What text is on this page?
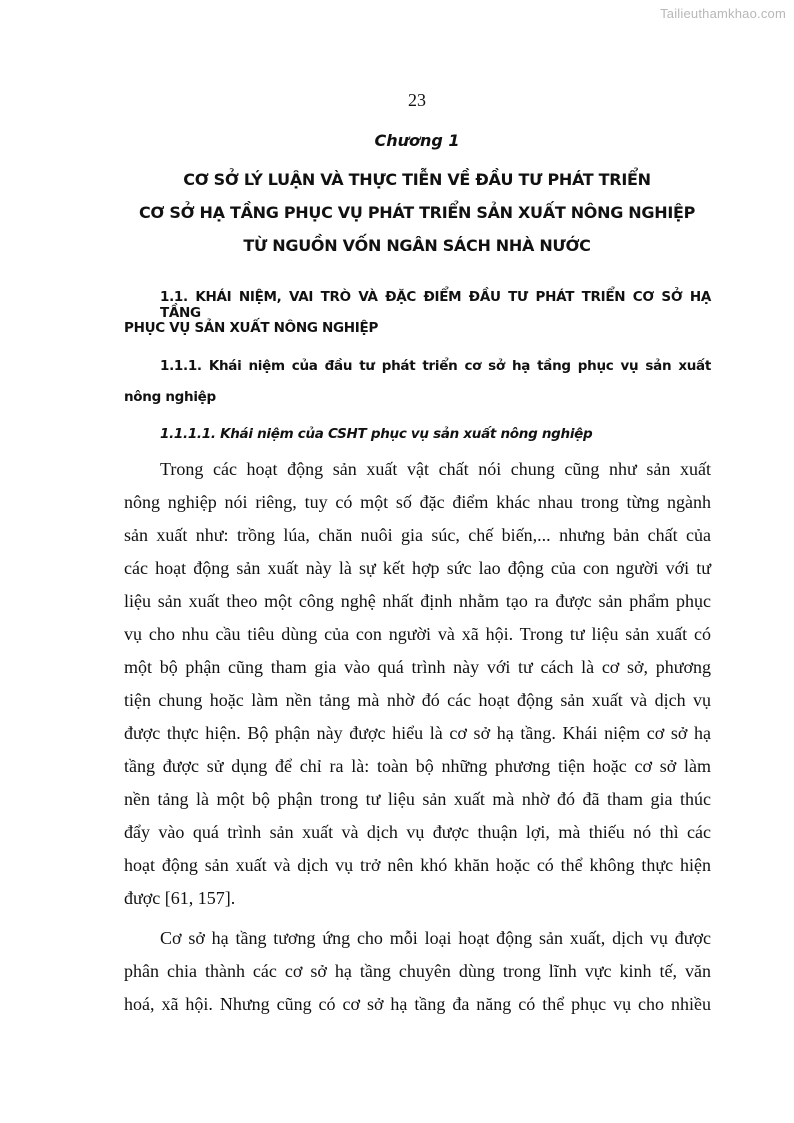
Tailieuthamkhao.com
23
Chương 1
CƠ SỞ LÝ LUẬN VÀ THỰC TIỄN VỀ ĐẦU TƯ PHÁT TRIỂN
CƠ SỞ HẠ TẦNG PHỤC VỤ PHÁT TRIỂN SẢN XUẤT NÔNG NGHIỆP
TỪ NGUỒN VỐN NGÂN SÁCH NHÀ NƯỚC
1.1. KHÁI NIỆM, VAI TRÒ VÀ ĐẶC ĐIỂM ĐẦU TƯ PHÁT TRIỂN CƠ SỞ HẠ TẦNG
PHỤC VỤ SẢN XUẤT NÔNG NGHIỆP
1.1.1. Khái niệm của đầu tư phát triển cơ sở hạ tầng phục vụ sản xuất
nông nghiệp
1.1.1.1. Khái niệm của CSHT phục vụ sản xuất nông nghiệp
Trong các hoạt động sản xuất vật chất nói chung cũng như sản xuất
nông nghiệp nói riêng, tuy có một số đặc điểm khác nhau trong từng ngành
sản xuất như: trồng lúa, chăn nuôi gia súc, chế biến,... nhưng bản chất của
các hoạt động sản xuất này là sự kết hợp sức lao động của con người với tư
liệu sản xuất theo một công nghệ nhất định nhằm tạo ra được sản phẩm phục
vụ cho nhu cầu tiêu dùng của con người và xã hội. Trong tư liệu sản xuất có
một bộ phận cũng tham gia vào quá trình này với tư cách là cơ sở, phương
tiện chung hoặc làm nền tảng mà nhờ đó các hoạt động sản xuất và dịch vụ
được thực hiện. Bộ phận này được hiểu là cơ sở hạ tầng. Khái niệm cơ sở hạ
tầng được sử dụng để chỉ ra là: toàn bộ những phương tiện hoặc cơ sở làm
nền tảng là một bộ phận trong tư liệu sản xuất mà nhờ đó đã tham gia thúc
đẩy vào quá trình sản xuất và dịch vụ được thuận lợi, mà thiếu nó thì các
hoạt động sản xuất và dịch vụ trở nên khó khăn hoặc có thể không thực hiện
được [61, 157].
Cơ sở hạ tầng tương ứng cho mỗi loại hoạt động sản xuất, dịch vụ được
phân chia thành các cơ sở hạ tầng chuyên dùng trong lĩnh vực kinh tế, văn
hoá, xã hội. Nhưng cũng có cơ sở hạ tầng đa năng có thể phục vụ cho nhiều
